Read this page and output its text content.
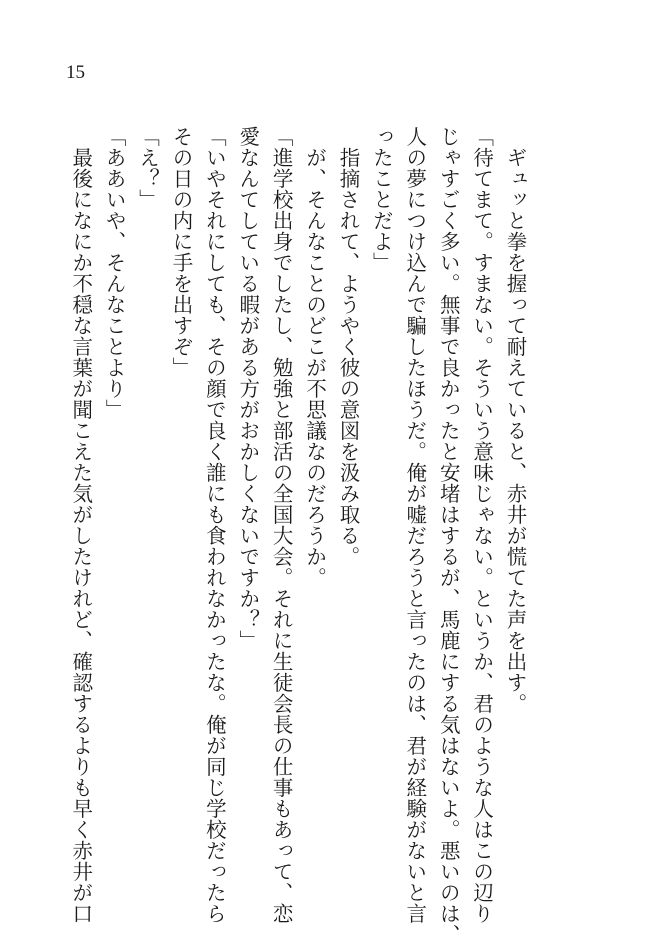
15
　ギュッと拳を握って耐えていると、赤井が慌てた声を出す。
「待てまて。すまない。そういう意味じゃない。というか、君のような人はこの辺り
じゃすごく多い。無事で良かったと安堵はするが、馬鹿にする気はないよ。悪いのは、
人の夢につけ込んで騙したほうだ。俺が嘘だろうと言ったのは、君が経験がないと言
ったことだよ」
　指摘されて、ようやく彼の意図を汲み取る。
　が、そんなことのどこが不思議なのだろうか。
「進学校出身でしたし、勉強と部活の全国大会。それに生徒会長の仕事もあって、恋
愛なんてしている暇がある方がおかしくないですか？」
「いやそれにしても、その顔で良く誰にも食われなかったな。俺が同じ学校だったら
その日の内に手を出すぞ」
「え？」
「ああいや、そんなことより」
　最後になにか不穏な言葉が聞こえた気がしたけれど、確認するよりも早く赤井が口
